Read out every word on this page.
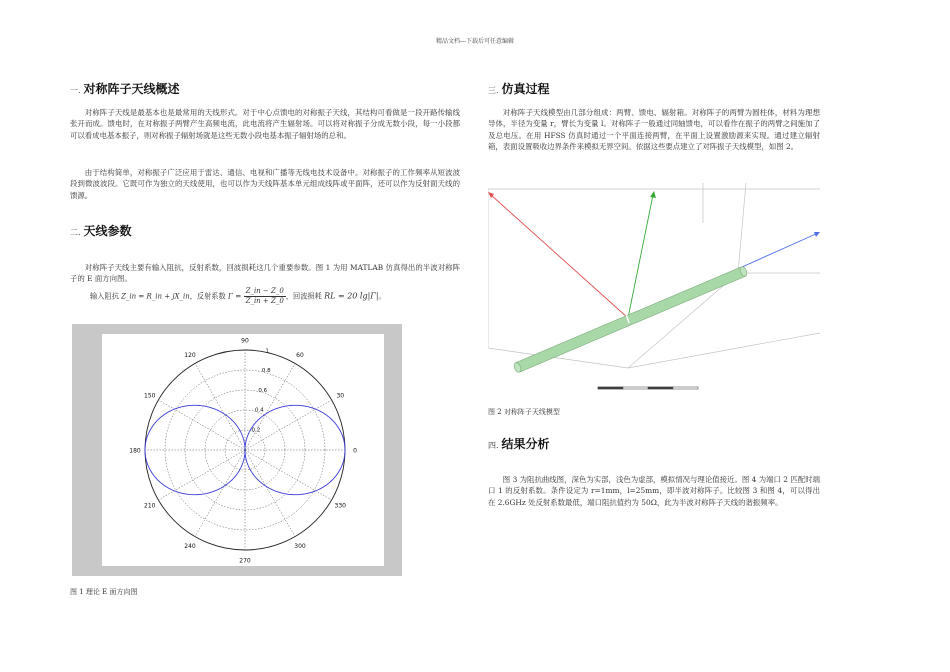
精品文档---下载后可任意编辑
一. 对称阵子天线概述
对称阵子天线是最基本也是最常用的天线形式。对于中心点馈电的对称振子天线，其结构可看做是一段开路传输线张开而成。馈电时，在对称振子两臂产生高频电流，此电流将产生辐射场。可以将对称振子分成无数小段，每一小段都可以看成电基本振子，则对称振子辐射场就是这些无数小段电基本振子辐射场的总和。
由于结构简单，对称振子广泛应用于雷达、通信、电视和广播等无线电技术设备中。对称振子的工作频率从短波波段到微波波段。它既可作为独立的天线使用，也可以作为天线阵基本单元组成线阵或平面阵，还可以作为反射面天线的馈源。
二. 天线参数
对称阵子天线主要有输入阻抗，反射系数，回波损耗这几个重要参数。图 1 为用 MATLAB 仿真得出的半波对称阵子的 E 面方向图。
输入阻抗 Z_in = R_in + jX_in，反射系数 $\Gamma = \frac{Z\_in - Z\_0}{Z\_in + Z\_0}$ ，回波损耗 RL = 20 lg|Γ|。
90
60
30
0
330
300
270
240
210
180
150
120
1
0.8
0.6
0.4
0.2
图 1 理论 E 面方向图
三. 仿真过程
对称阵子天线模型由几部分组成：两臂、馈电、辐射箱。对称阵子的两臂为圆柱体，材料为理想导体，半径为变量 r，臂长为变量 l。对称阵子一般通过同轴馈电，可以看作在振子的两臂之间施加了及总电压。在用 HFSS 仿真时通过一个平面连接两臂，在平面上设置激励源来实现。通过建立辐射箱，表面设置吸收边界条件来模拟无界空间。依据这些要点建立了对阵振子天线模型，如图 2。
图 2 对称阵子天线模型
四. 结果分析
图 3 为阻抗曲线图，深色为实部，浅色为虚部，模拟情况与理论值接近。图 4 为端口 2 匹配时端口 1 的反射系数。条件设定为 r=1mm，l=25mm，即半波对称阵子。比较图 3 和图 4，可以得出在 2.6GHz 处反射系数最低，端口阻抗值约为 50Ω，此为半波对称阵子天线的谐振频率。
